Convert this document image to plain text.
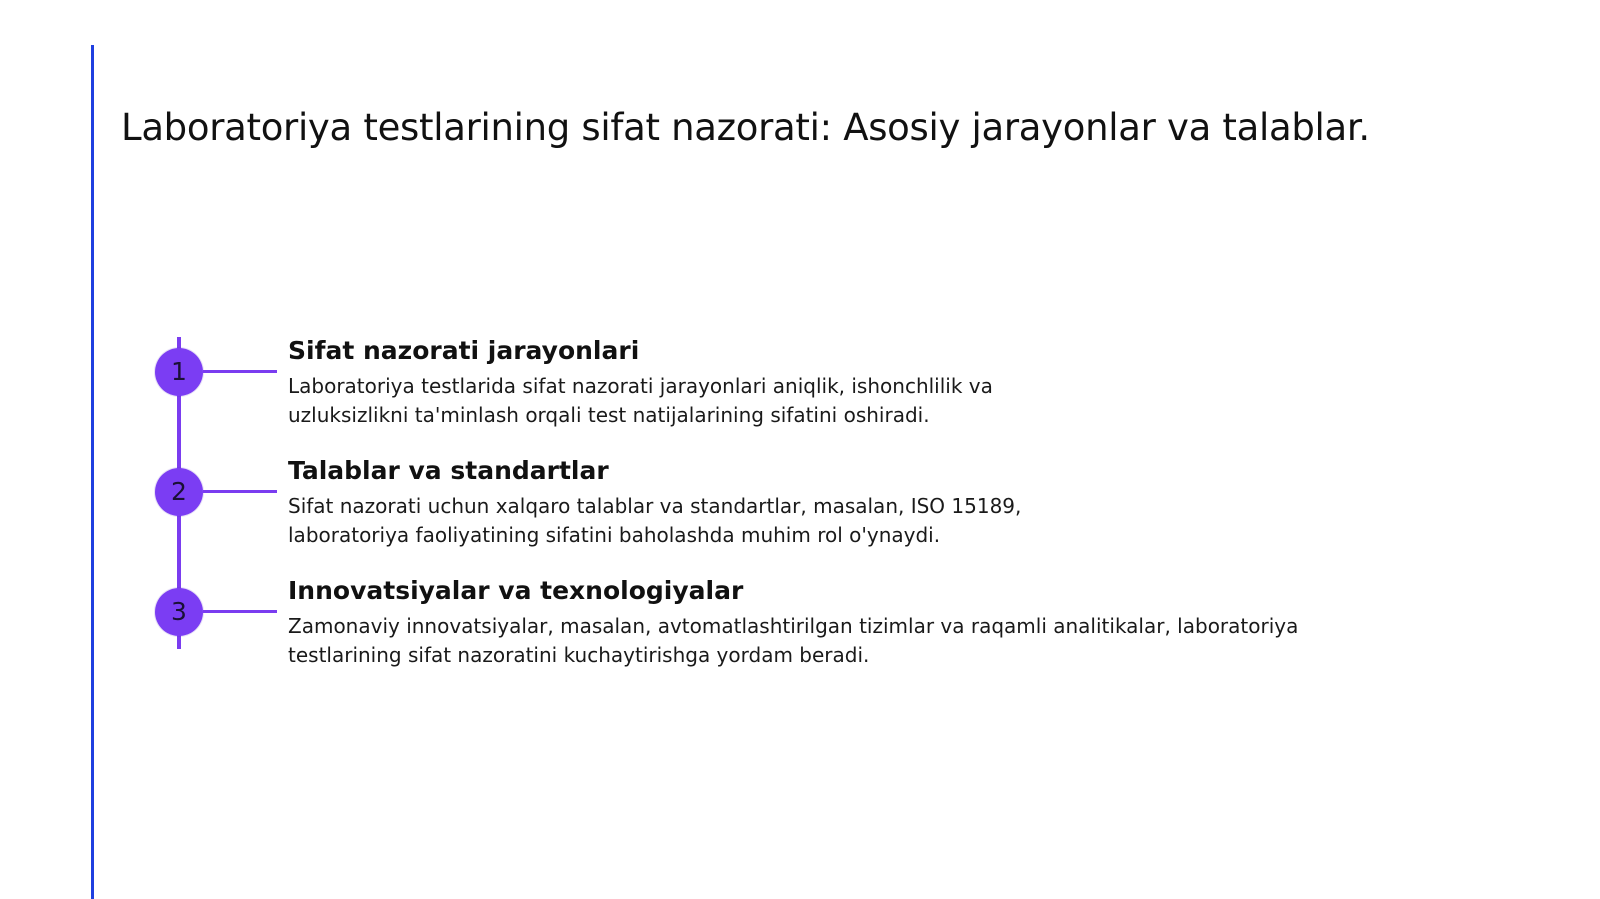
Laboratoriya testlarining sifat nazorati: Asosiy jarayonlar va talablar.
1
Sifat nazorati jarayonlari

Laboratoriya testlarida sifat nazorati jarayonlari aniqlik, ishonchlilik va
uzluksizlikni ta'minlash orqali test natijalarining sifatini oshiradi.

2
Talablar va standartlar

Sifat nazorati uchun xalqaro talablar va standartlar, masalan, ISO 15189,
laboratoriya faoliyatining sifatini baholashda muhim rol o'ynaydi.

3
Innovatsiyalar va texnologiyalar

Zamonaviy innovatsiyalar, masalan, avtomatlashtirilgan tizimlar va raqamli analitikalar, laboratoriya
testlarining sifat nazoratini kuchaytirishga yordam beradi.
